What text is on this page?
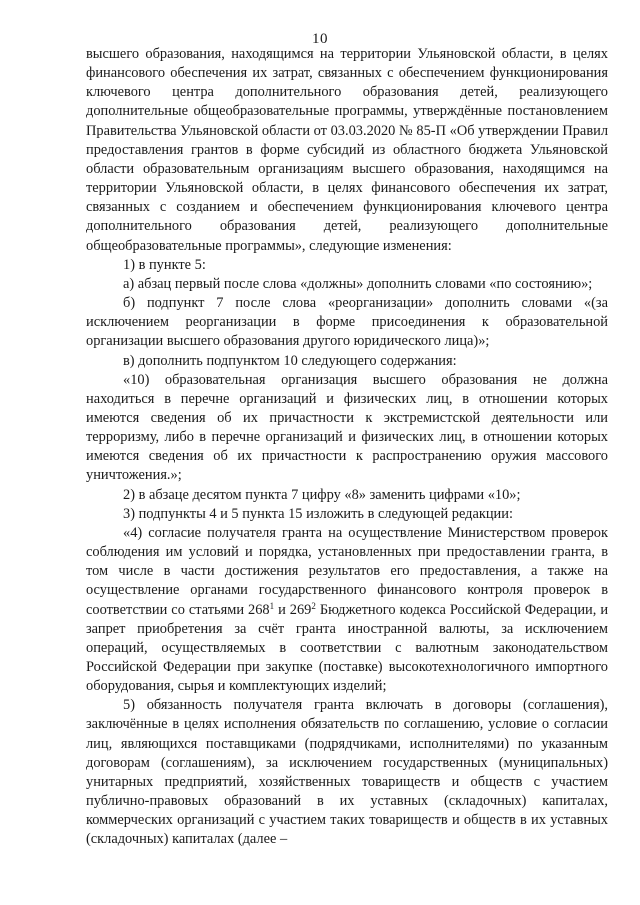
10

высшего образования, находящимся на территории Ульяновской области, в целях финансового обеспечения их затрат, связанных с обеспечением функционирования ключевого центра дополнительного образования детей, реализующего дополнительные общеобразовательные программы, утверждённые постановлением Правительства Ульяновской области от 03.03.2020 № 85-П «Об утверждении Правил предоставления грантов в форме субсидий из областного бюджета Ульяновской области образовательным организациям высшего образования, находящимся на территории Ульяновской области, в целях финансового обеспечения их затрат, связанных с созданием и обеспечением функционирования ключевого центра дополнительного образования детей, реализующего дополнительные общеобразовательные программы», следующие изменения:

1) в пункте 5:

а) абзац первый после слова «должны» дополнить словами «по состоянию»;

б) подпункт 7 после слова «реорганизации» дополнить словами «(за исключением реорганизации в форме присоединения к образовательной организации высшего образования другого юридического лица)»;

в) дополнить подпунктом 10 следующего содержания:

«10) образовательная организация высшего образования не должна находиться в перечне организаций и физических лиц, в отношении которых имеются сведения об их причастности к экстремистской деятельности или терроризму, либо в перечне организаций и физических лиц, в отношении которых имеются сведения об их причастности к распространению оружия массового уничтожения.»;

2) в абзаце десятом пункта 7 цифру «8» заменить цифрами «10»;

3) подпункты 4 и 5 пункта 15 изложить в следующей редакции:

«4) согласие получателя гранта на осуществление Министерством проверок соблюдения им условий и порядка, установленных при предоставлении гранта, в том числе в части достижения результатов его предоставления, а также на осуществление органами государственного финансового контроля проверок в соответствии со статьями $268^1$ и $269^2$ Бюджетного кодекса Российской Федерации, и запрет приобретения за счёт гранта иностранной валюты, за исключением операций, осуществляемых в соответствии с валютным законодательством Российской Федерации при закупке (поставке) высокотехнологичного импортного оборудования, сырья и комплектующих изделий;

5) обязанность получателя гранта включать в договоры (соглашения), заключённые в целях исполнения обязательств по соглашению, условие о согласии лиц, являющихся поставщиками (подрядчиками, исполнителями) по указанным договорам (соглашениям), за исключением государственных (муниципальных) унитарных предприятий, хозяйственных товариществ и обществ с участием публично-правовых образований в их уставных (складочных) капиталах, коммерческих организаций с участием таких товариществ и обществ в их уставных (складочных) капиталах (далее –
